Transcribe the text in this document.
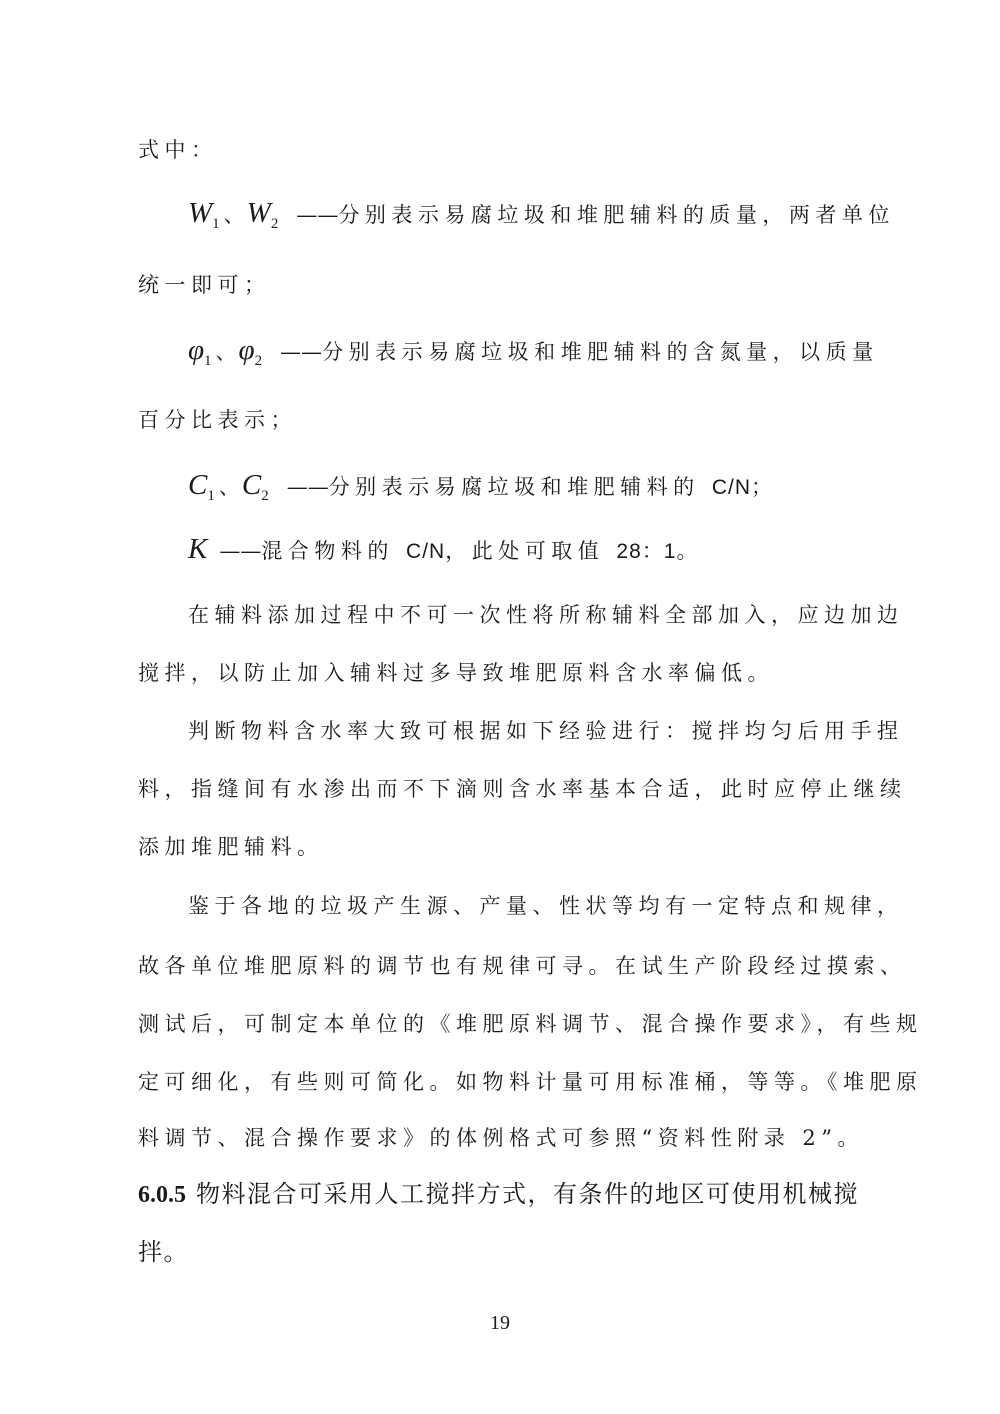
式中：
$W_1$ 、$W_2$ ——分别表示易腐垃圾和堆肥辅料的质量，两者单位
统一即可；
$\varphi_1$ 、$\varphi_2$ ——分别表示易腐垃圾和堆肥辅料的含氮量，以质量
百分比表示；
$C_1$ 、$C_2$ ——分别表示易腐垃圾和堆肥辅料的 C/N；
K ——混合物料的 C/N，此处可取值 28：1。
在辅料添加过程中不可一次性将所称辅料全部加入，应边加边
搅拌，以防止加入辅料过多导致堆肥原料含水率偏低。
判断物料含水率大致可根据如下经验进行：搅拌均匀后用手捏
料，指缝间有水渗出而不下滴则含水率基本合适，此时应停止继续
添加堆肥辅料。
鉴于各地的垃圾产生源、产量、性状等均有一定特点和规律，
故各单位堆肥原料的调节也有规律可寻。在试生产阶段经过摸索、
测试后，可制定本单位的《堆肥原料调节、混合操作要求》，有些规
定可细化，有些则可简化。如物料计量可用标准桶，等等。《堆肥原
料调节、混合操作要求》的体例格式可参照“资料性附录 2”。
6.0.5 物料混合可采用人工搅拌方式，有条件的地区可使用机械搅
拌。
19
